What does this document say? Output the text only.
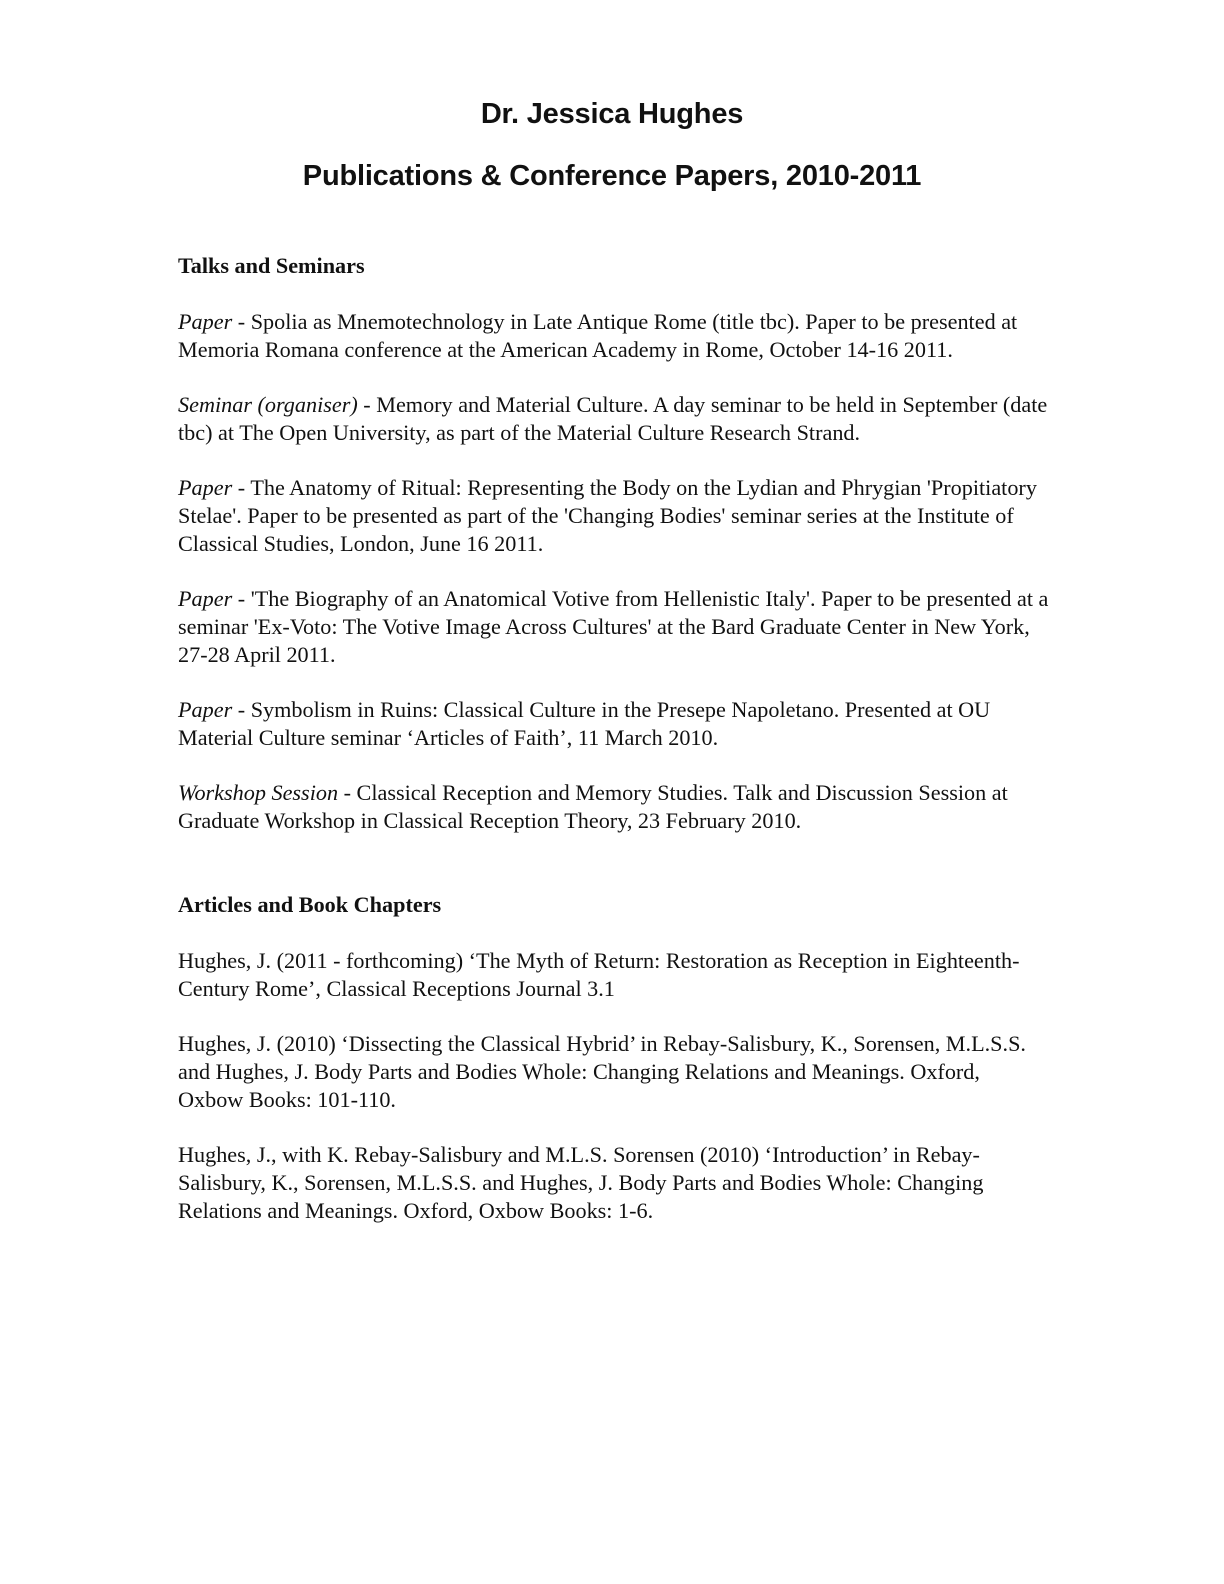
Dr. Jessica Hughes
Publications & Conference Papers, 2010-2011

Talks and Seminars

Paper - Spolia as Mnemotechnology in Late Antique Rome (title tbc). Paper to be presented at Memoria Romana conference at the American Academy in Rome, October 14-16 2011.

Seminar (organiser) - Memory and Material Culture. A day seminar to be held in September (date tbc) at The Open University, as part of the Material Culture Research Strand.

Paper - The Anatomy of Ritual: Representing the Body on the Lydian and Phrygian 'Propitiatory Stelae'. Paper to be presented as part of the 'Changing Bodies' seminar series at the Institute of Classical Studies, London, June 16 2011.

Paper - 'The Biography of an Anatomical Votive from Hellenistic Italy'. Paper to be presented at a seminar 'Ex-Voto: The Votive Image Across Cultures' at the Bard Graduate Center in New York, 27-28 April 2011.

Paper - Symbolism in Ruins: Classical Culture in the Presepe Napoletano. Presented at OU Material Culture seminar ‘Articles of Faith’, 11 March 2010.

Workshop Session - Classical Reception and Memory Studies. Talk and Discussion Session at Graduate Workshop in Classical Reception Theory, 23 February 2010.

Articles and Book Chapters

Hughes, J. (2011 - forthcoming) ‘The Myth of Return: Restoration as Reception in Eighteenth-Century Rome’, Classical Receptions Journal 3.1

Hughes, J. (2010) ‘Dissecting the Classical Hybrid’ in Rebay-Salisbury, K., Sorensen, M.L.S.S. and Hughes, J. Body Parts and Bodies Whole: Changing Relations and Meanings. Oxford, Oxbow Books: 101-110.

Hughes, J., with K. Rebay-Salisbury and M.L.S. Sorensen (2010) ‘Introduction’ in Rebay-Salisbury, K., Sorensen, M.L.S.S. and Hughes, J. Body Parts and Bodies Whole: Changing Relations and Meanings. Oxford, Oxbow Books: 1-6.
